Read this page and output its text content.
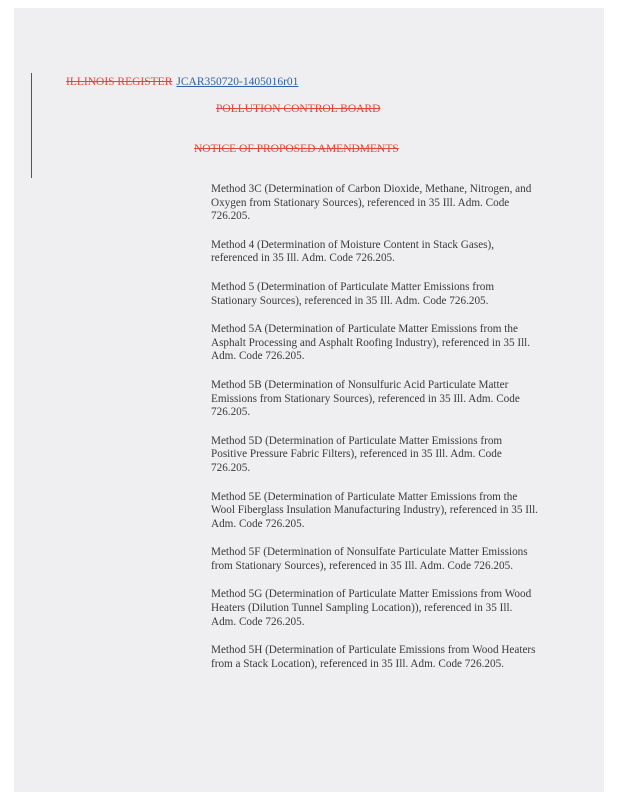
ILLINOIS REGISTER JCAR350720-1405016r01
POLLUTION CONTROL BOARD
NOTICE OF PROPOSED AMENDMENTS
Method 3C (Determination of Carbon Dioxide, Methane, Nitrogen, and Oxygen from Stationary Sources), referenced in 35 Ill. Adm. Code 726.205.
Method 4 (Determination of Moisture Content in Stack Gases), referenced in 35 Ill. Adm. Code 726.205.
Method 5 (Determination of Particulate Matter Emissions from Stationary Sources), referenced in 35 Ill. Adm. Code 726.205.
Method 5A (Determination of Particulate Matter Emissions from the Asphalt Processing and Asphalt Roofing Industry), referenced in 35 Ill. Adm. Code 726.205.
Method 5B (Determination of Nonsulfuric Acid Particulate Matter Emissions from Stationary Sources), referenced in 35 Ill. Adm. Code 726.205.
Method 5D (Determination of Particulate Matter Emissions from Positive Pressure Fabric Filters), referenced in 35 Ill. Adm. Code 726.205.
Method 5E (Determination of Particulate Matter Emissions from the Wool Fiberglass Insulation Manufacturing Industry), referenced in 35 Ill. Adm. Code 726.205.
Method 5F (Determination of Nonsulfate Particulate Matter Emissions from Stationary Sources), referenced in 35 Ill. Adm. Code 726.205.
Method 5G (Determination of Particulate Matter Emissions from Wood Heaters (Dilution Tunnel Sampling Location)), referenced in 35 Ill. Adm. Code 726.205.
Method 5H (Determination of Particulate Emissions from Wood Heaters from a Stack Location), referenced in 35 Ill. Adm. Code 726.205.
